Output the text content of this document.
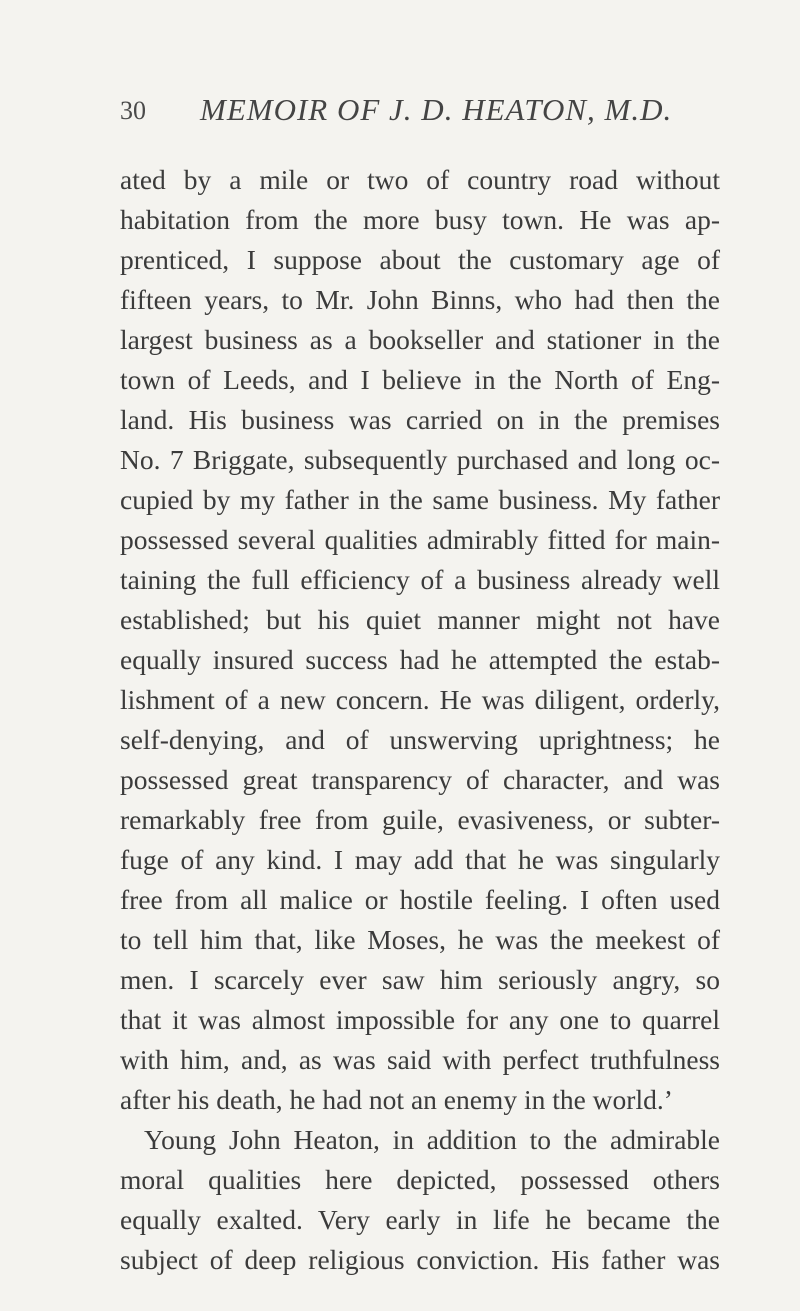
30 MEMOIR OF J. D. HEATON, M.D.
ated by a mile or two of country road without
habitation from the more busy town. He was ap-
prenticed, I suppose about the customary age of
fifteen years, to Mr. John Binns, who had then the
largest business as a bookseller and stationer in the
town of Leeds, and I believe in the North of Eng-
land. His business was carried on in the premises
No. 7 Briggate, subsequently purchased and long oc-
cupied by my father in the same business. My father
possessed several qualities admirably fitted for main-
taining the full efficiency of a business already well
established; but his quiet manner might not have
equally insured success had he attempted the estab-
lishment of a new concern. He was diligent, orderly,
self-denying, and of unswerving uprightness; he
possessed great transparency of character, and was
remarkably free from guile, evasiveness, or subter-
fuge of any kind. I may add that he was singularly
free from all malice or hostile feeling. I often used
to tell him that, like Moses, he was the meekest of
men. I scarcely ever saw him seriously angry, so
that it was almost impossible for any one to quarrel
with him, and, as was said with perfect truthfulness
after his death, he had not an enemy in the world.’
Young John Heaton, in addition to the admirable
moral qualities here depicted, possessed others
equally exalted. Very early in life he became the
subject of deep religious conviction. His father was
